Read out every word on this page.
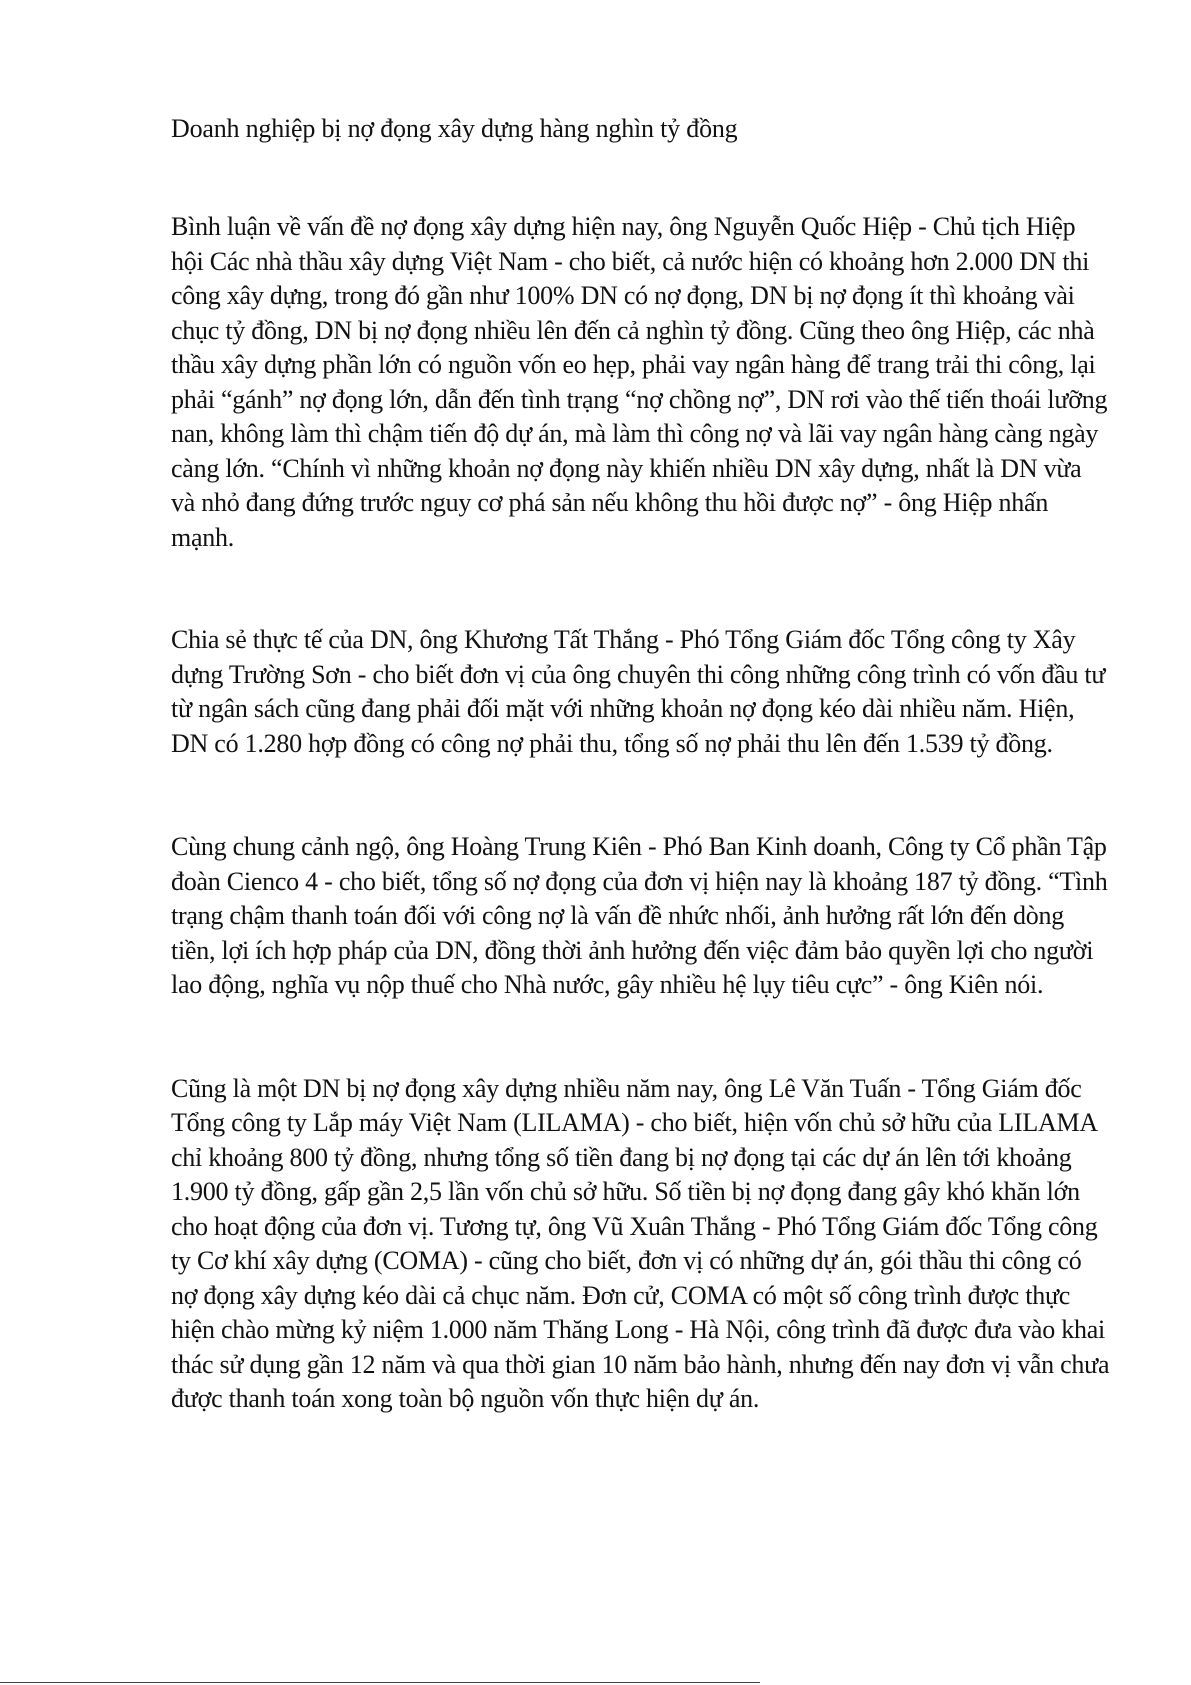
Doanh nghiệp bị nợ đọng xây dựng hàng nghìn tỷ đồng

Bình luận về vấn đề nợ đọng xây dựng hiện nay, ông Nguyễn Quốc Hiệp - Chủ tịch Hiệp hội Các nhà thầu xây dựng Việt Nam - cho biết, cả nước hiện có khoảng hơn 2.000 DN thi công xây dựng, trong đó gần như 100% DN có nợ đọng, DN bị nợ đọng ít thì khoảng vài chục tỷ đồng, DN bị nợ đọng nhiều lên đến cả nghìn tỷ đồng. Cũng theo ông Hiệp, các nhà thầu xây dựng phần lớn có nguồn vốn eo hẹp, phải vay ngân hàng để trang trải thi công, lại phải “gánh” nợ đọng lớn, dẫn đến tình trạng “nợ chồng nợ”, DN rơi vào thế tiến thoái lưỡng nan, không làm thì chậm tiến độ dự án, mà làm thì công nợ và lãi vay ngân hàng càng ngày càng lớn. “Chính vì những khoản nợ đọng này khiến nhiều DN xây dựng, nhất là DN vừa và nhỏ đang đứng trước nguy cơ phá sản nếu không thu hồi được nợ” - ông Hiệp nhấn mạnh.

Chia sẻ thực tế của DN, ông Khương Tất Thắng - Phó Tổng Giám đốc Tổng công ty Xây dựng Trường Sơn - cho biết đơn vị của ông chuyên thi công những công trình có vốn đầu tư từ ngân sách cũng đang phải đối mặt với những khoản nợ đọng kéo dài nhiều năm. Hiện, DN có 1.280 hợp đồng có công nợ phải thu, tổng số nợ phải thu lên đến 1.539 tỷ đồng.

Cùng chung cảnh ngộ, ông Hoàng Trung Kiên - Phó Ban Kinh doanh, Công ty Cổ phần Tập đoàn Cienco 4 - cho biết, tổng số nợ đọng của đơn vị hiện nay là khoảng 187 tỷ đồng. “Tình trạng chậm thanh toán đối với công nợ là vấn đề nhức nhối, ảnh hưởng rất lớn đến dòng tiền, lợi ích hợp pháp của DN, đồng thời ảnh hưởng đến việc đảm bảo quyền lợi cho người lao động, nghĩa vụ nộp thuế cho Nhà nước, gây nhiều hệ lụy tiêu cực” - ông Kiên nói.

Cũng là một DN bị nợ đọng xây dựng nhiều năm nay, ông Lê Văn Tuấn - Tổng Giám đốc Tổng công ty Lắp máy Việt Nam (LILAMA) - cho biết, hiện vốn chủ sở hữu của LILAMA chỉ khoảng 800 tỷ đồng, nhưng tổng số tiền đang bị nợ đọng tại các dự án lên tới khoảng 1.900 tỷ đồng, gấp gần 2,5 lần vốn chủ sở hữu. Số tiền bị nợ đọng đang gây khó khăn lớn cho hoạt động của đơn vị. Tương tự, ông Vũ Xuân Thắng - Phó Tổng Giám đốc Tổng công ty Cơ khí xây dựng (COMA) - cũng cho biết, đơn vị có những dự án, gói thầu thi công có nợ đọng xây dựng kéo dài cả chục năm. Đơn cử, COMA có một số công trình được thực hiện chào mừng kỷ niệm 1.000 năm Thăng Long - Hà Nội, công trình đã được đưa vào khai thác sử dụng gần 12 năm và qua thời gian 10 năm bảo hành, nhưng đến nay đơn vị vẫn chưa được thanh toán xong toàn bộ nguồn vốn thực hiện dự án.
